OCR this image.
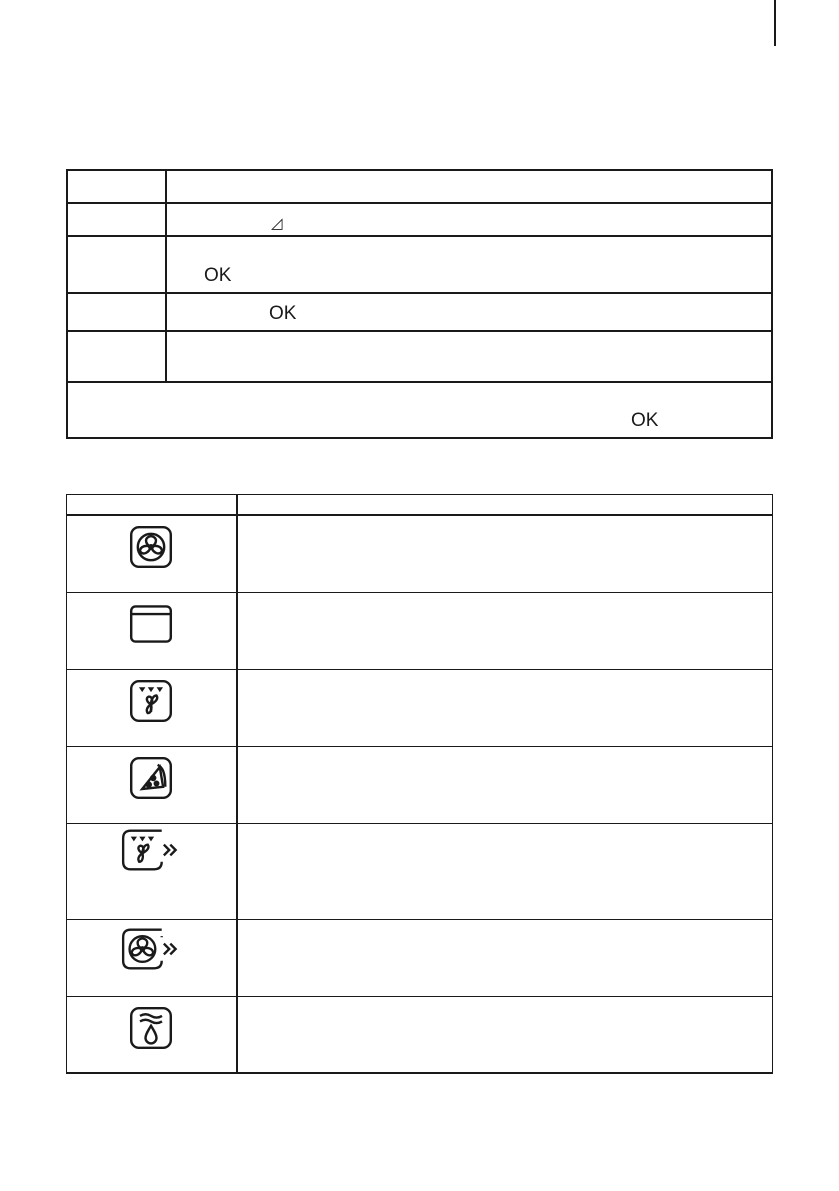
◿
OK
OK
OK
